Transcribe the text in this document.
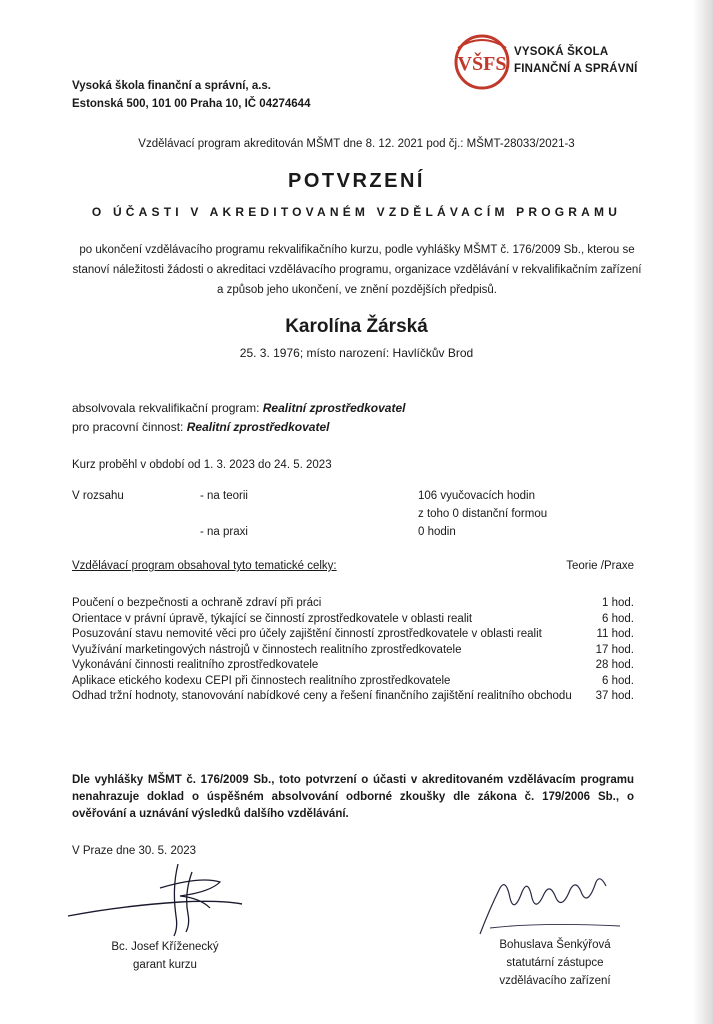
Vysoká škola finanční a správní, a.s.
Estonská 500, 101 00 Praha 10, IČ 04274644
VŠFS
VYSOKÁ ŠKOLA
FINANČNÍ A SPRÁVNÍ
Vzdělávací program akreditován MŠMT dne 8. 12. 2021 pod čj.: MŠMT-28033/2021-3
POTVRZENÍ
O ÚČASTI V AKREDITOVANÉM VZDĚLÁVACÍM PROGRAMU
po ukončení vzdělávacího programu rekvalifikačního kurzu, podle vyhlášky MŠMT č. 176/2009 Sb., kterou se stanoví náležitosti žádosti o akreditaci vzdělávacího programu, organizace vzdělávání v rekvalifikačním zařízení a způsob jeho ukončení, ve znění pozdějších předpisů.
Karolína Žárská
25. 3. 1976; místo narození: Havlíčkův Brod
absolvovala rekvalifikační program: Realitní zprostředkovatel
pro pracovní činnost: Realitní zprostředkovatel
Kurz proběhl v období od 1. 3. 2023 do 24. 5. 2023
V rozsahu	- na teorii	106 vyučovacích hodin
z toho 0 distanční formou
- na praxi	0 hodin
Vzdělávací program obsahoval tyto tematické celky:	Teorie /Praxe
Poučení o bezpečnosti a ochraně zdraví při práci	1 hod.
Orientace v právní úpravě, týkající se činností zprostředkovatele v oblasti realit	6 hod.
Posuzování stavu nemovité věci pro účely zajištění činností zprostředkovatele v oblasti realit	11 hod.
Využívání marketingových nástrojů v činnostech realitního zprostředkovatele	17 hod.
Vykonávání činnosti realitního zprostředkovatele	28 hod.
Aplikace etického kodexu CEPI při činnostech realitního zprostředkovatele	6 hod.
Odhad tržní hodnoty, stanovování nabídkové ceny a řešení finančního zajištění realitního obchodu 37 hod.
Dle vyhlášky MŠMT č. 176/2009 Sb., toto potvrzení o účasti v akreditovaném vzdělávacím programu nenahrazuje doklad o úspěšném absolvování odborné zkoušky dle zákona č. 179/2006 Sb., o ověřování a uznávání výsledků dalšího vzdělávání.
V Praze dne 30. 5. 2023
Bc. Josef Kříženecký
garant kurzu
Bohuslava Šenkýřová
statutární zástupce
vzdělávacího zařízení
